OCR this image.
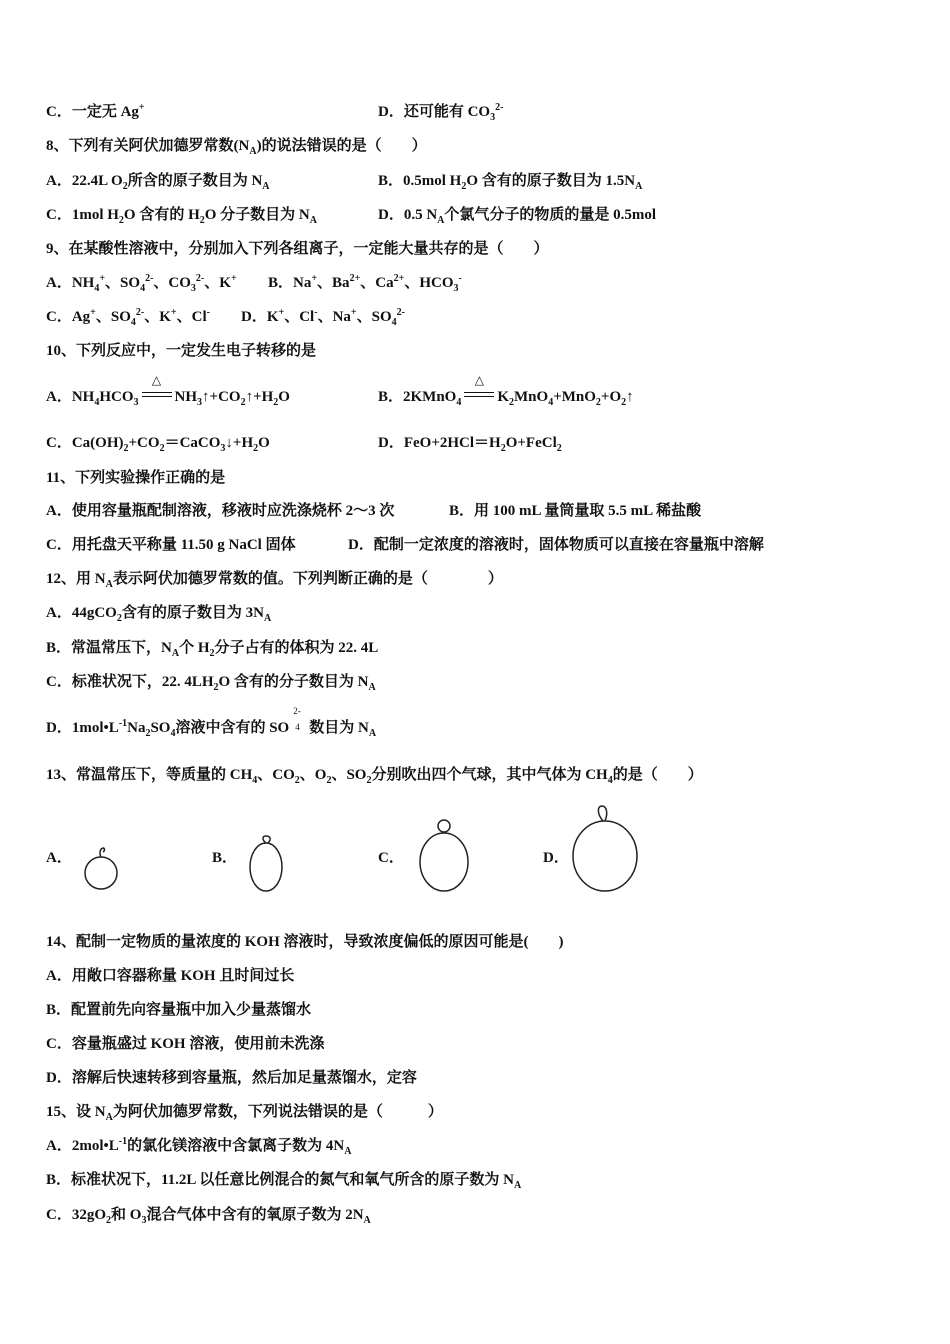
C．一定无 Ag+	D．还可能有 $CO_3^{2-}$
8、下列有关阿伏加德罗常数$(N_A)$的说法错误的是（　　）
A．22.4L $O_2$所含的原子数目为 $N_A$	B．0.5mol $H_2O$ 含有的原子数目为 $1.5N_A$
C．1mol $H_2O$ 含有的 $H_2O$ 分子数目为 $N_A$	D．0.5 $N_A$个氯气分子的物质的量是 0.5mol
9、在某酸性溶液中，分别加入下列各组离子，一定能大量共存的是（　　）
A．$NH_4^+$、$SO_4^{2-}$、$CO_3^{2-}$、K+ B．Na+、$Ba^{2+}$、$Ca^{2+}$、$HCO_3^-$
C．Ag+、$SO_4^{2-}$、K+、Cl- D．K+、Cl-、Na+、$SO_4^{2-}$
10、下列反应中，一定发生电子转移的是
A．$NH_4HCO_3$
△
$NH_3↑+CO_2↑+H_2O$	B．2KMnO$_4$
△
$K_2MnO_4+MnO_2+O_2↑$
C．$Ca(OH)_2+CO_2=CaCO_3↓+H_2O$	D．$FeO+2HCl=H_2O+FeCl_2$
11、下列实验操作正确的是
A．使用容量瓶配制溶液，移液时应洗涤烧杯 2～3 次	B．用 100 mL 量筒量取 5.5 mL 稀盐酸
C．用托盘天平称量 11.50 g NaCl 固体	D．配制一定浓度的溶液时，固体物质可以直接在容量瓶中溶解
12、用 $N_A$表示阿伏加德罗常数的值。下列判断正确的是（　　　　）
A．44gCO$_2$含有的原子数目为 $3N_A$
B．常温常压下，$N_A$个 $H_2$分子占有的体积为 22. 4L
C．标准状况下，22. $4LH_2O$ 含有的分子数目为 $N_A$
D．$1mol•L^{-1}Na_2SO_4$溶液中含有的 SO
2-
4 数目为 $N_A$
13、常温常压下，等质量的 $CH_4$、$CO_2$、$O_2$、$SO_2$分别吹出四个气球，其中气体为 $CH_4$的是（　　）
A．	B．	C．	D．
14、配制一定物质的量浓度的 KOH 溶液时，导致浓度偏低的原因可能是(　　)
A．用敞口容器称量 KOH 且时间过长
B．配置前先向容量瓶中加入少量蒸馏水
C．容量瓶盛过 KOH 溶液，使用前未洗涤
D．溶解后快速转移到容量瓶，然后加足量蒸馏水，定容
15、设 $N_A$为阿伏加德罗常数，下列说法错误的是（　　　）
A．$2mol•L^{-1}$的氯化镁溶液中含氯离子数为 $4N_A$
B．标准状况下，11.2L 以任意比例混合的氮气和氧气所含的原子数为 $N_A$
C．$32gO_2$和 $O_3$混合气体中含有的氧原子数为 $2N_A$
